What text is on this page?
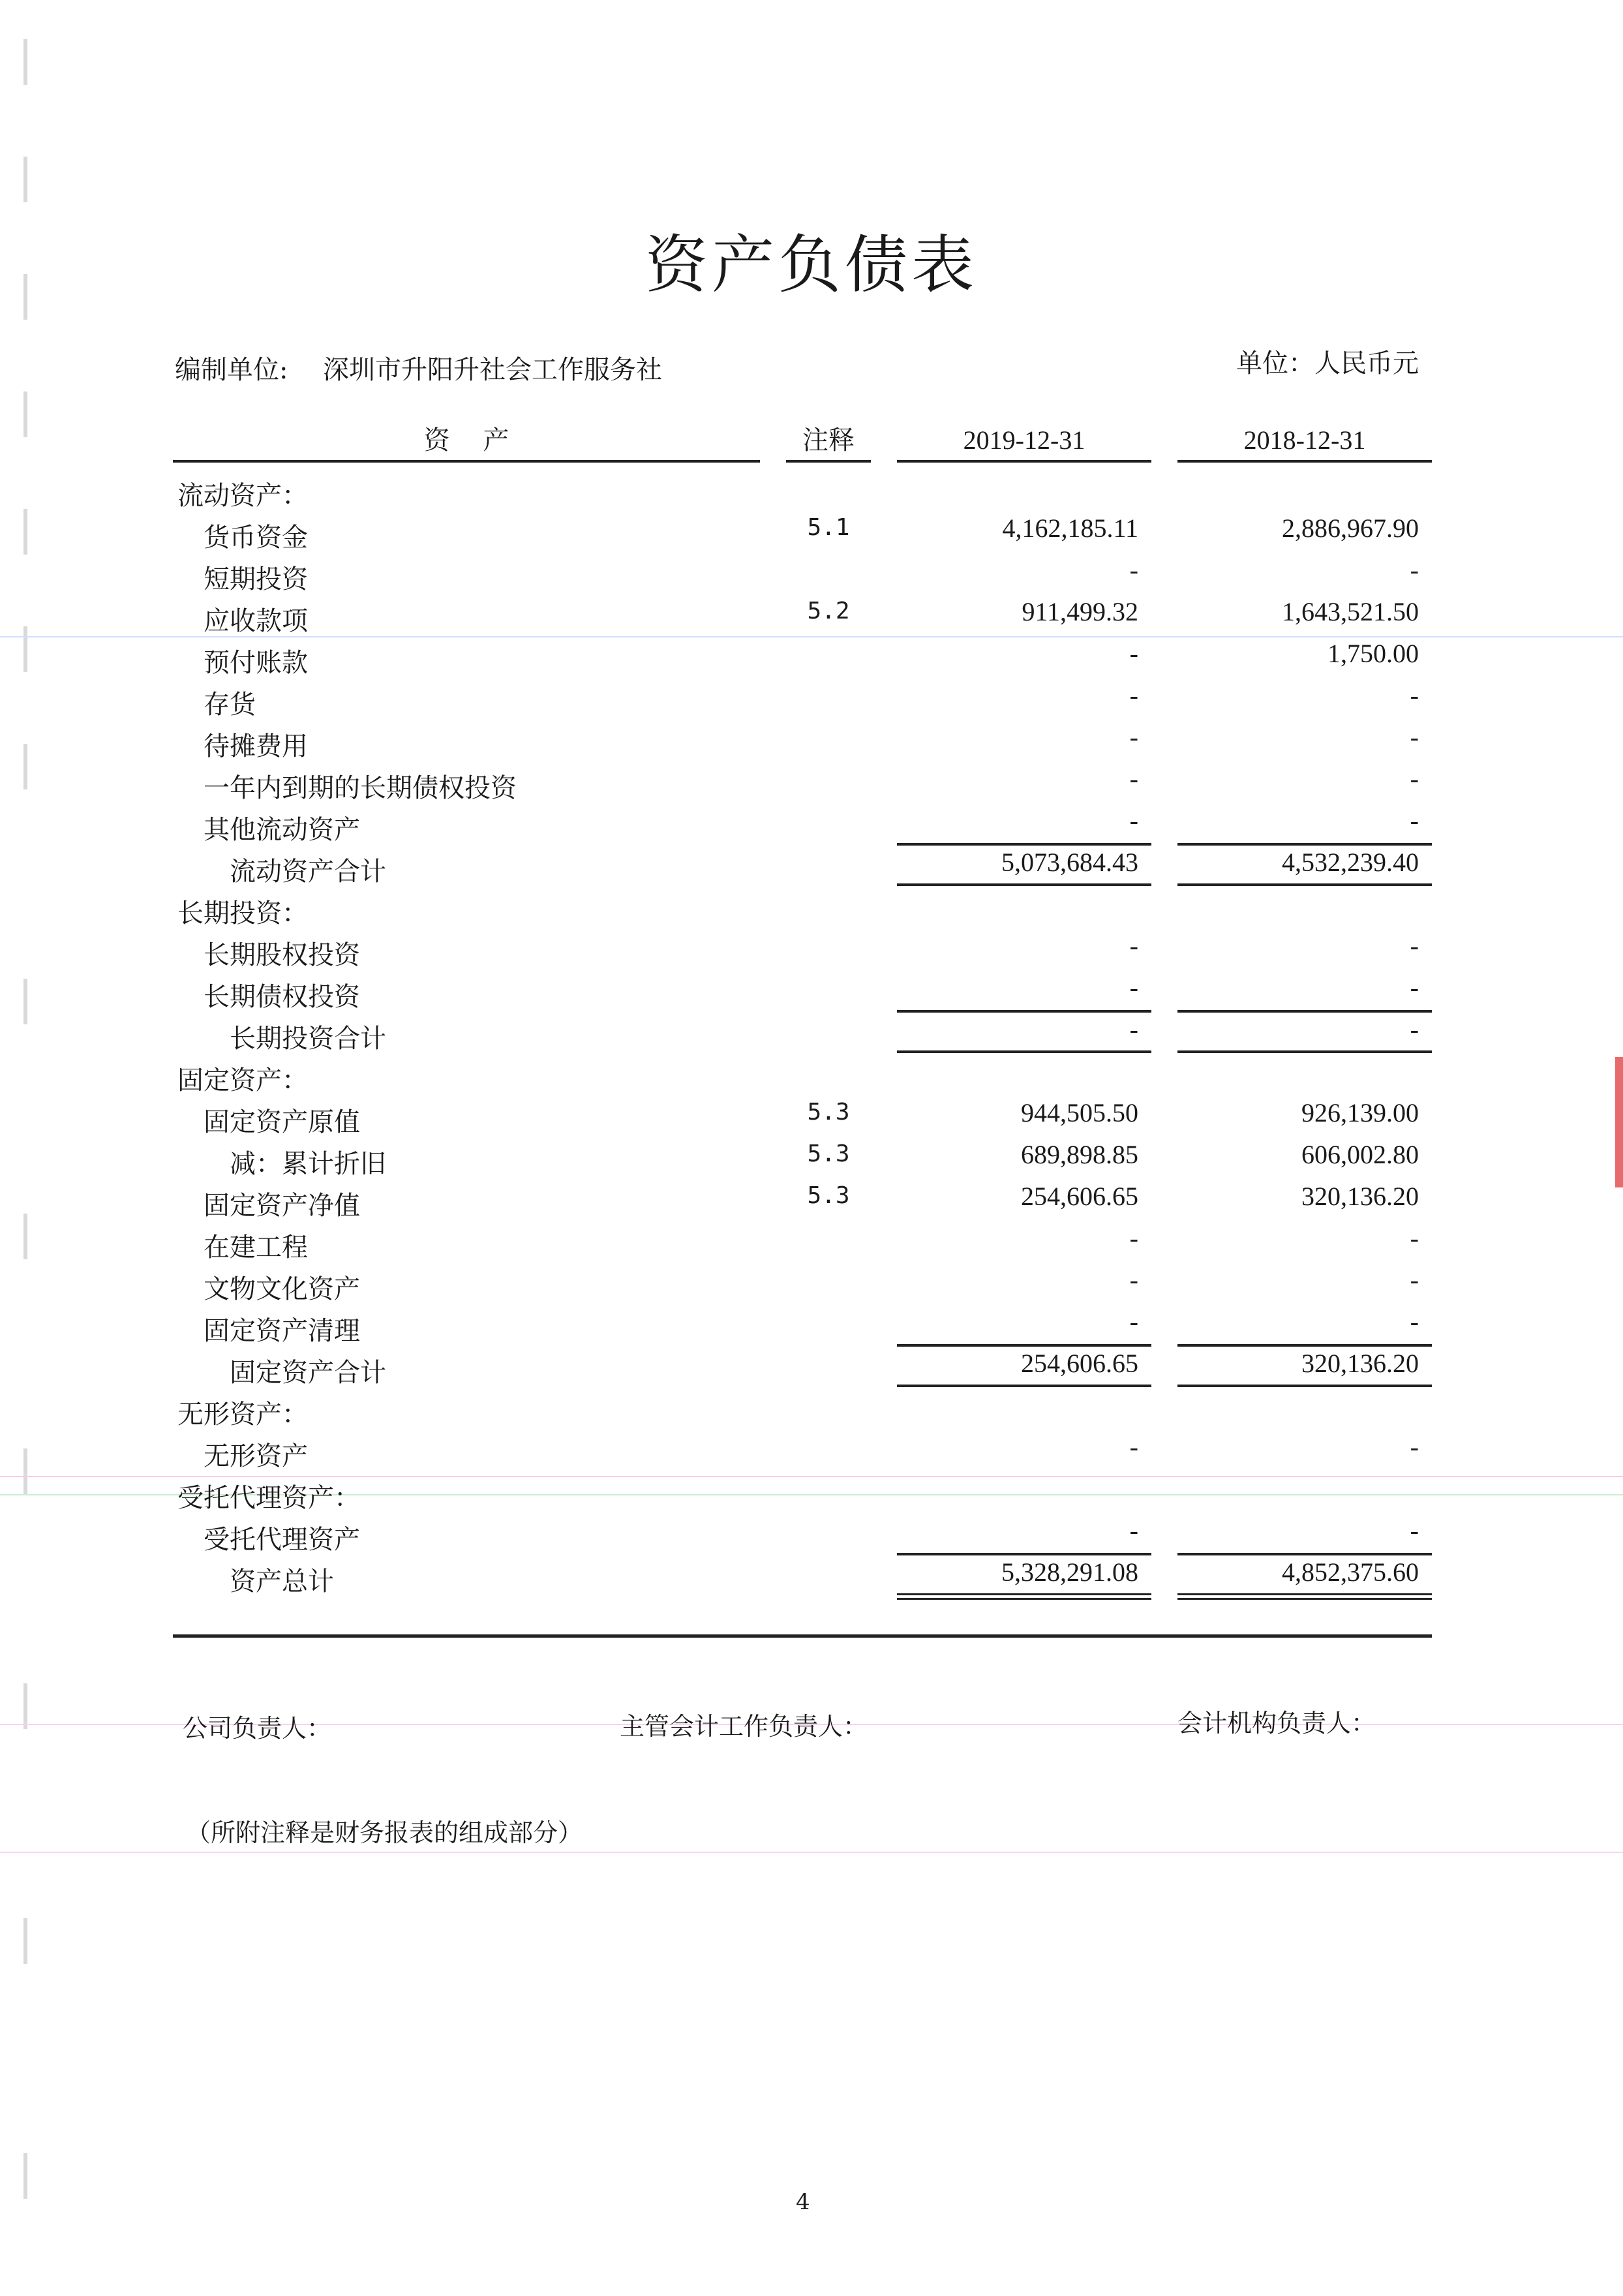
资产负债表
编制单位: 深圳市升阳升社会工作服务社	单位：人民币元
资    产	注释	2019-12-31	2018-12-31
流动资产：
货币资金	5.1	4,162,185.11	2,886,967.90
短期投资	-	-
应收款项	5.2	911,499.32	1,643,521.50
预付账款	-	1,750.00
存货	-	-
待摊费用	-	-
一年内到期的长期债权投资	-	-
其他流动资产	-	-
流动资产合计	5,073,684.43	4,532,239.40
长期投资：
长期股权投资	-	-
长期债权投资	-	-
长期投资合计	-	-
固定资产：
固定资产原值	5.3	944,505.50	926,139.00
减：累计折旧	5.3	689,898.85	606,002.80
固定资产净值	5.3	254,606.65	320,136.20
在建工程	-	-
文物文化资产	-	-
固定资产清理	-	-
固定资产合计	254,606.65	320,136.20
无形资产：
无形资产	-	-
受托代理资产：
受托代理资产	-	-
资产总计	5,328,291.08	4,852,375.60
公司负责人：	主管会计工作负责人：	会计机构负责人：
（所附注释是财务报表的组成部分）
4
